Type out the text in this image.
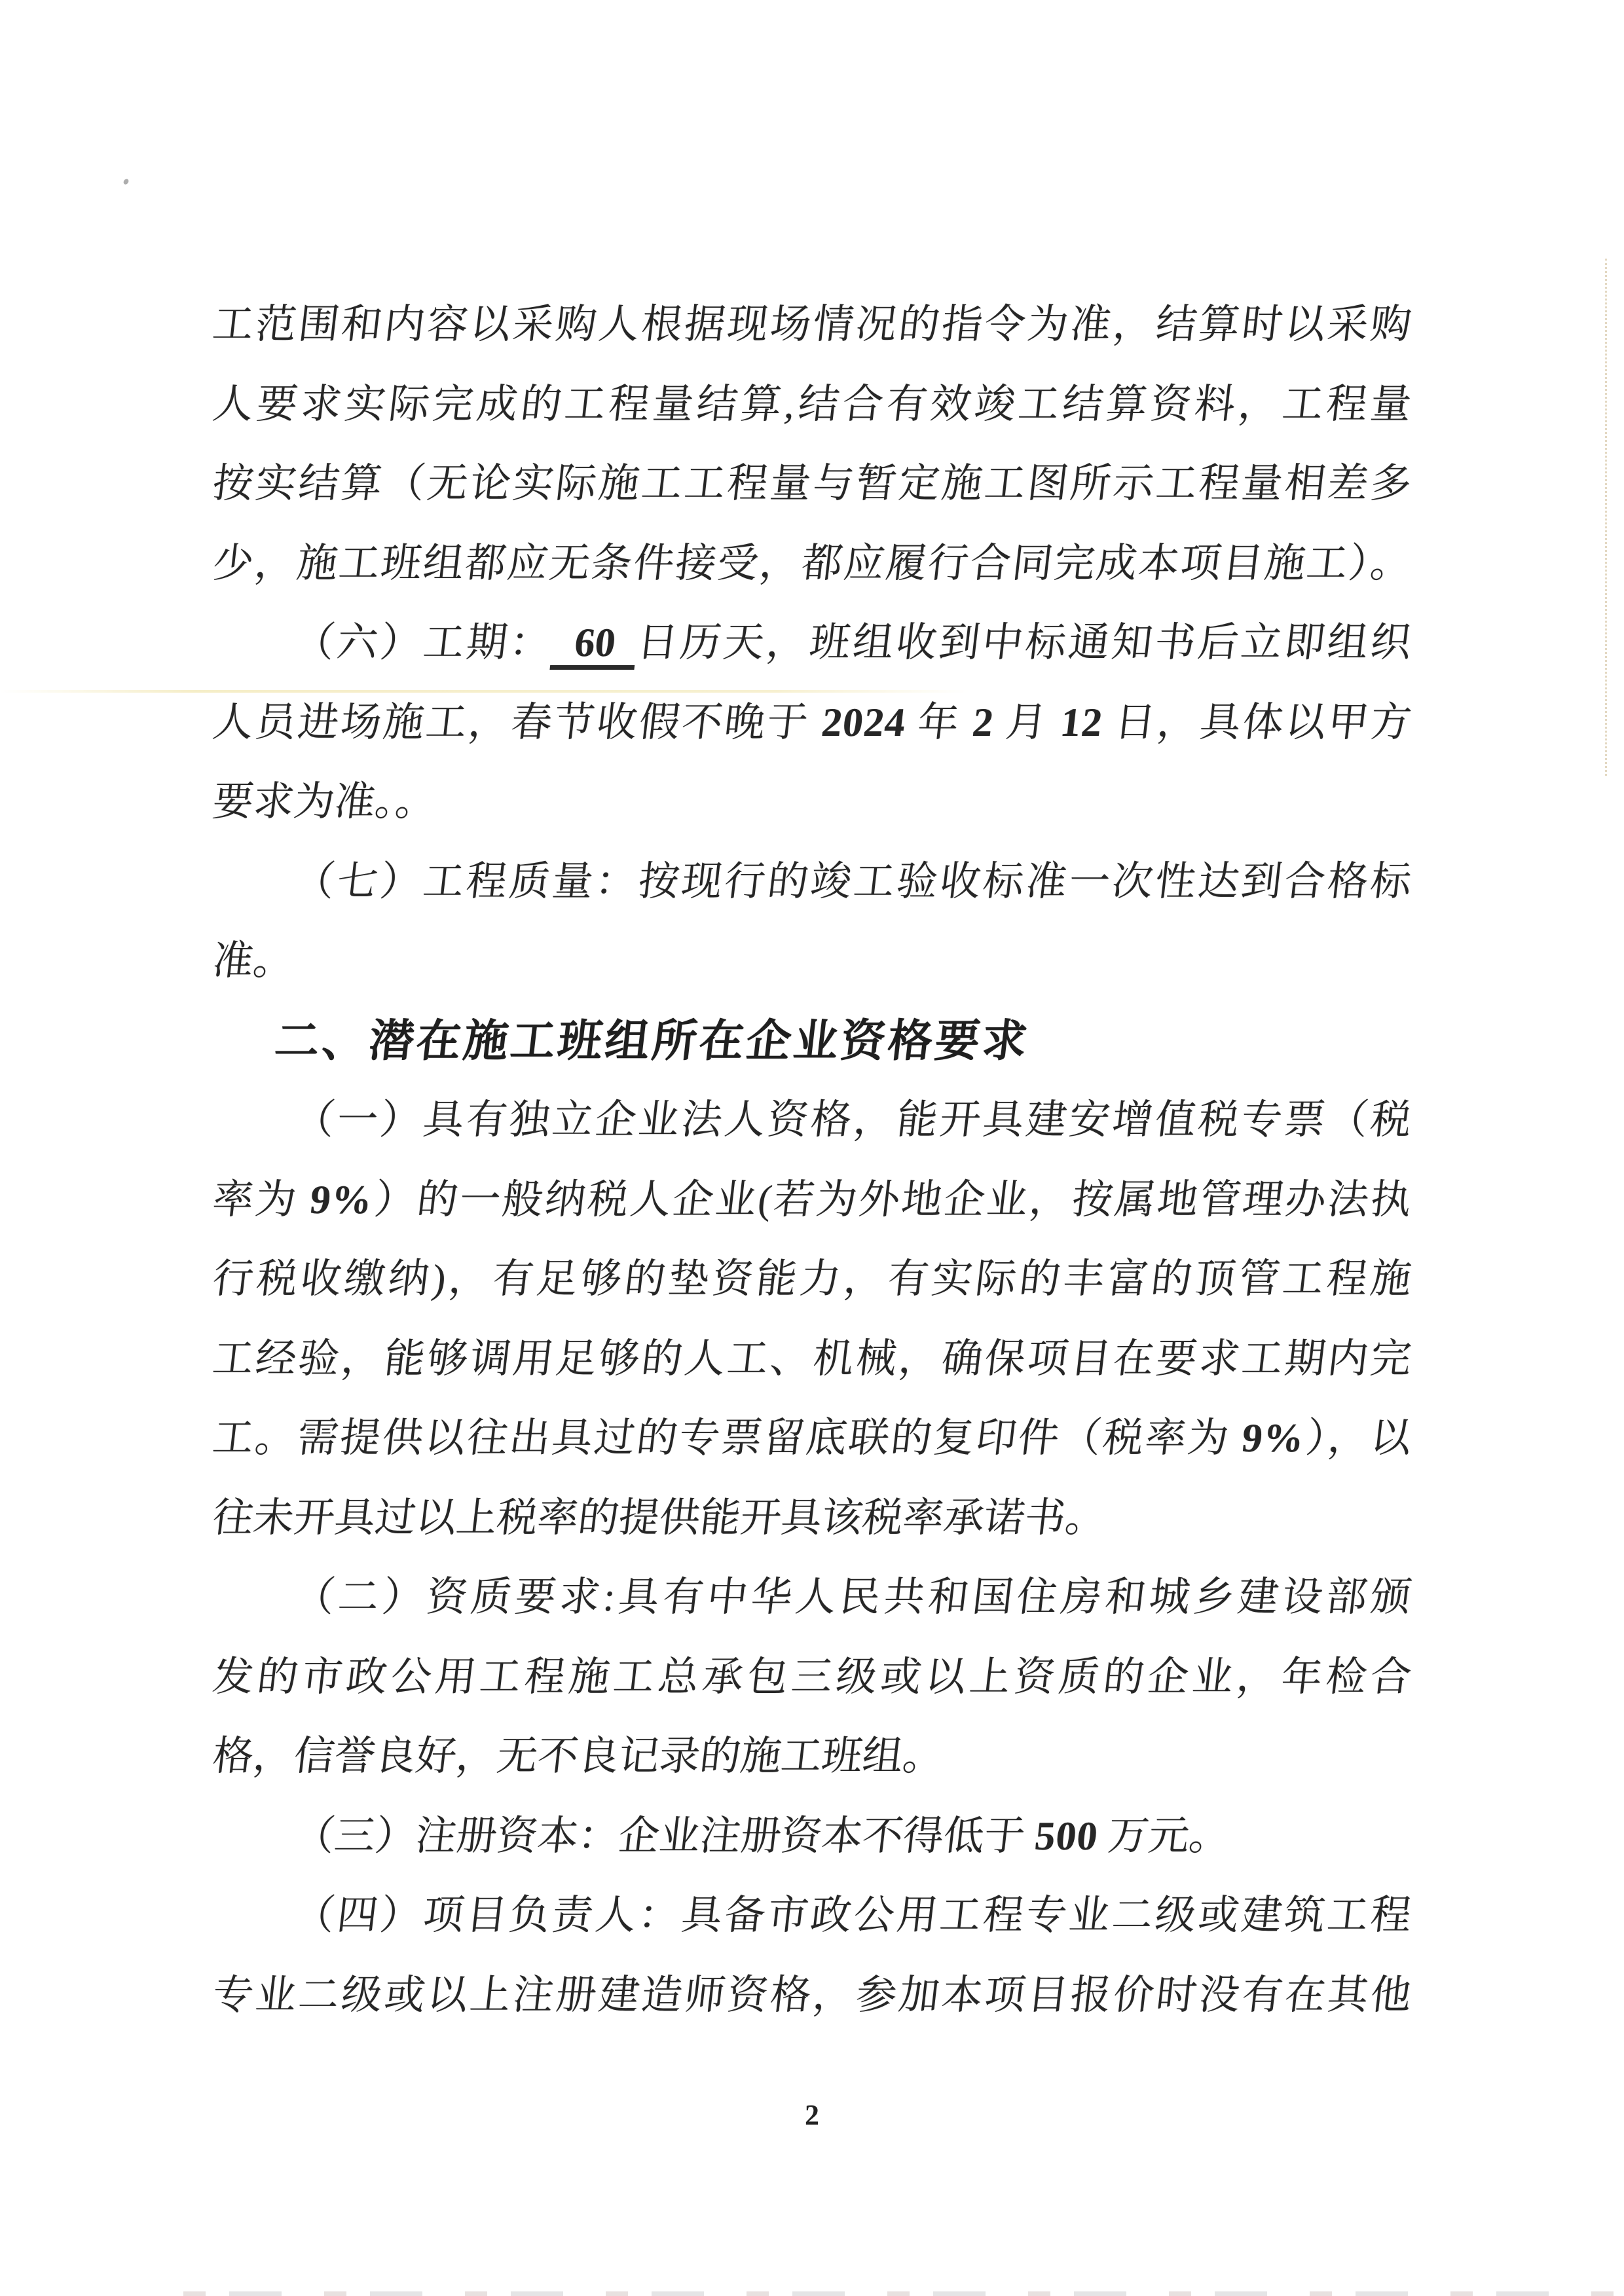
工范围和内容以采购人根据现场情况的指令为准，结算时以采购
人要求实际完成的工程量结算,结合有效竣工结算资料，工程量
按实结算（无论实际施工工程量与暂定施工图所示工程量相差多
少，施工班组都应无条件接受，都应履行合同完成本项目施工）。
（六）工期： 60 日历天，班组收到中标通知书后立即组织
人员进场施工，春节收假不晚于 2024 年 2 月 12 日，具体以甲方
要求为准。。
（七）工程质量：按现行的竣工验收标准一次性达到合格标
准。
二、潜在施工班组所在企业资格要求
（一）具有独立企业法人资格，能开具建安增值税专票（税
率为 9%）的一般纳税人企业(若为外地企业，按属地管理办法执
行税收缴纳)，有足够的垫资能力，有实际的丰富的顶管工程施
工经验，能够调用足够的人工、机械，确保项目在要求工期内完
工。需提供以往出具过的专票留底联的复印件（税率为 9%），以
往未开具过以上税率的提供能开具该税率承诺书。
（二）资质要求:具有中华人民共和国住房和城乡建设部颁
发的市政公用工程施工总承包三级或以上资质的企业，年检合
格，信誉良好，无不良记录的施工班组。
（三）注册资本：企业注册资本不得低于 500 万元。
（四）项目负责人：具备市政公用工程专业二级或建筑工程
专业二级或以上注册建造师资格，参加本项目报价时没有在其他
2
